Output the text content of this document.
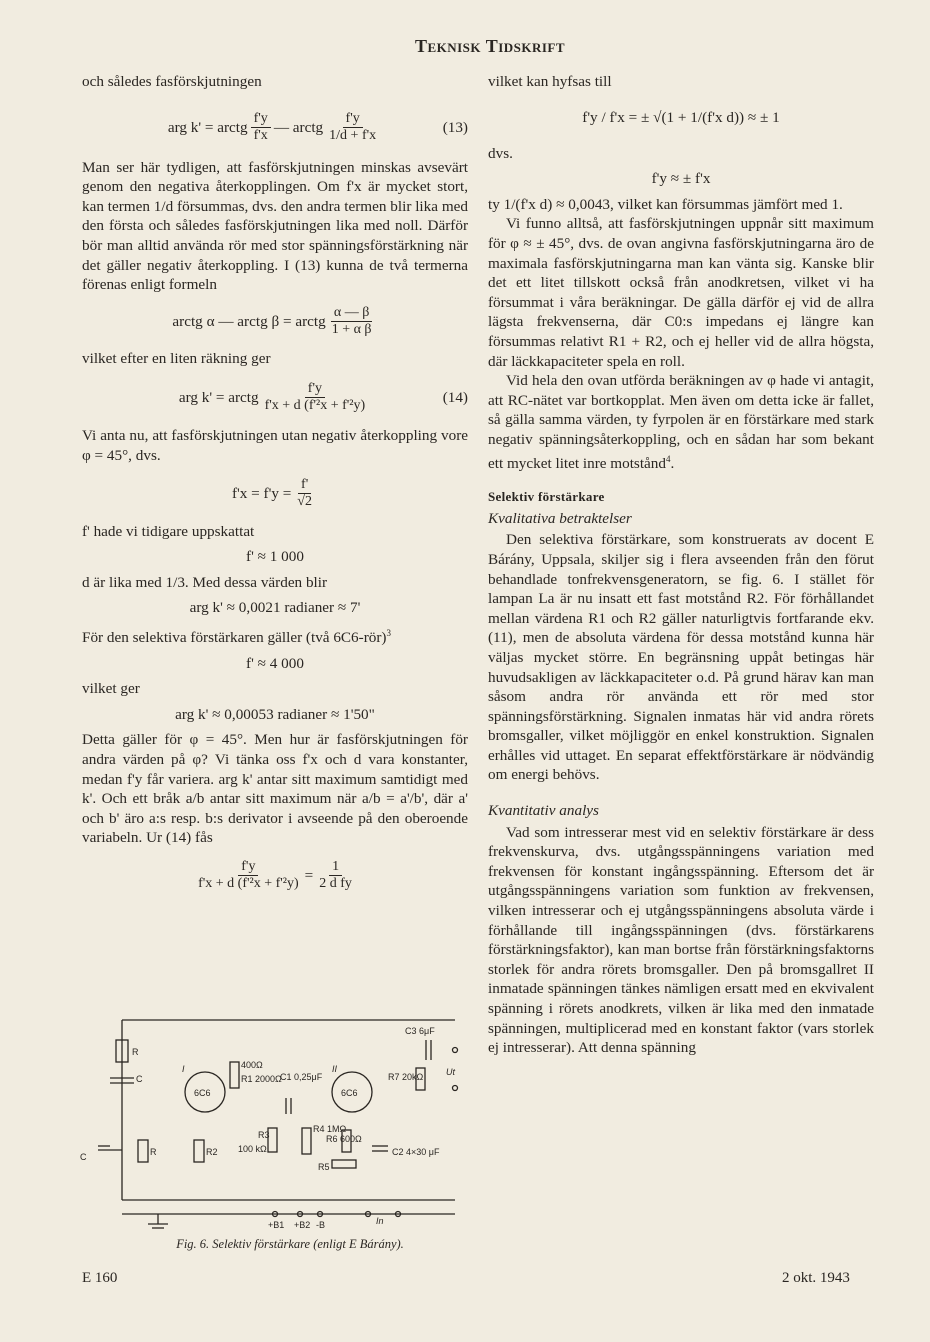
Teknisk Tidskrift

och således fasförskjutningen

arg k' = arctg $\frac{f'y}{f'x}$ — arctg $\frac{f'y}{1/d + f'x}$	(13)

Man ser här tydligen, att fasförskjutningen minskas avsevärt genom den negativa återkopplingen. Om f'x är mycket stort, kan termen 1/d försummas, dvs. den andra termen blir lika med den första och således fasförskjutningen lika med noll. Därför bör man alltid använda rör med stor spänningsförstärkning när det gäller negativ återkoppling. I (13) kunna de två termerna förenas enligt formeln

arctg α — arctg β = arctg $\frac{\alpha — \beta}{\text{1 + α β}}$

vilket efter en liten räkning ger

arg k' = arctg $\frac{f'y}{\text{f'x + d (f'²x + f'²y)}}$	(14)

Vi anta nu, att fasförskjutningen utan negativ återkoppling vore φ = 45°, dvs.

$f'x = f'y = \frac{f'}{√2}$

f' hade vi tidigare uppskattat

f' ≈ 1 000

d är lika med 1/3. Med dessa värden blir

arg k' ≈ 0,0021 radianer ≈ 7'

För den selektiva förstärkaren gäller (två 6C6-rör)$^3$

f' ≈ 4 000

vilket ger

arg k' ≈ 0,00053 radianer ≈ 1'50"

Detta gäller för φ = 45°. Men hur är fasförskjutningen för andra värden på φ? Vi tänka oss f'x och d vara konstanter, medan f'y får variera. arg k' antar sitt maximum samtidigt med k'. Och ett bråk a/b antar sitt maximum när a/b = a'/b', där a' och b' äro a:s resp. b:s derivator i avseende på den oberoende variabeln. Ur (14) fås

$\frac{f'y}{\text{f'x + d (f'²x + f'²y)}} = \frac{1}{\text{2 d fy}}$
R
C
C	R	R2
I
6C6
400Ω
R1 2000Ω
C1 0,25μF
R3
100 kΩ
R4 1MΩ
II
6C6
R6 600Ω
R5
C2 4×30 μF
C3 6μF
R7 20kΩ	Ut
+B1 +B2 -B	In
Fig. 6. Selektiv förstärkare (enligt E Bárány).

vilket kan hyfsas till

f'y / f'x = ± √(1 + 1/(f'x d)) ≈ ± 1

dvs.

f'y ≈ ± f'x

ty 1/(f'x d) ≈ 0,0043, vilket kan försummas jämfört med 1.

Vi funno alltså, att fasförskjutningen uppnår sitt maximum för φ ≈ ± 45°, dvs. de ovan angivna fasförskjutningarna äro de maximala fasförskjutningarna man kan vänta sig. Kanske blir det ett litet tillskott också från anodkretsen, vilket vi ha försummat i våra beräkningar. De gälla därför ej vid de allra lägsta frekvenserna, där C0:s impedans ej längre kan försummas relativt R1 + R2, och ej heller vid de allra högsta, där läckkapaciteter spela en roll.

Vid hela den ovan utförda beräkningen av φ hade vi antagit, att RC-nätet var bortkopplat. Men även om detta icke är fallet, så gälla samma värden, ty fyrpolen är en förstärkare med stark negativ spänningsåterkoppling, och en sådan har som bekant ett mycket litet inre motstånd$^4$.

Selektiv förstärkare
Kvalitativa betraktelser

Den selektiva förstärkare, som konstruerats av docent E Bárány, Uppsala, skiljer sig i flera avseenden från den förut behandlade tonfrekvensgeneratorn, se fig. 6. I stället för lampan La är nu insatt ett fast motstånd R2. För förhållandet mellan värdena R1 och R2 gäller naturligtvis fortfarande ekv. (11), men de absoluta värdena för dessa motstånd kunna här väljas mycket större. En begränsning uppåt betingas här huvudsakligen av läckkapaciteter o.d. På grund härav kan man såsom andra rör använda ett rör med stor spänningsförstärkning. Signalen inmatas här vid andra rörets bromsgaller, vilket möjliggör en enkel konstruktion. Signalen erhålles vid uttaget. En separat effektförstärkare är nödvändig om energi behövs.

Kvantitativ analys

Vad som intresserar mest vid en selektiv förstärkare är dess frekvenskurva, dvs. utgångsspänningens variation med frekvensen för konstant ingångsspänning. Eftersom det är utgångsspänningens variation som funktion av frekvensen, vilken intresserar och ej utgångsspänningens absoluta värde i förhållande till ingångsspänningen (dvs. förstärkarens förstärkningsfaktor), kan man bortse från förstärkningsfaktorns storlek för andra rörets bromsgaller. Den på bromsgallret II inmatade spänningen tänkes nämligen ersatt med en ekvivalent spänning i rörets anodkrets, vilken är lika med den inmatade spänningen, multiplicerad med en konstant faktor (vars storlek ej intresserar). Att denna spänning

E 160	2 okt. 1943
